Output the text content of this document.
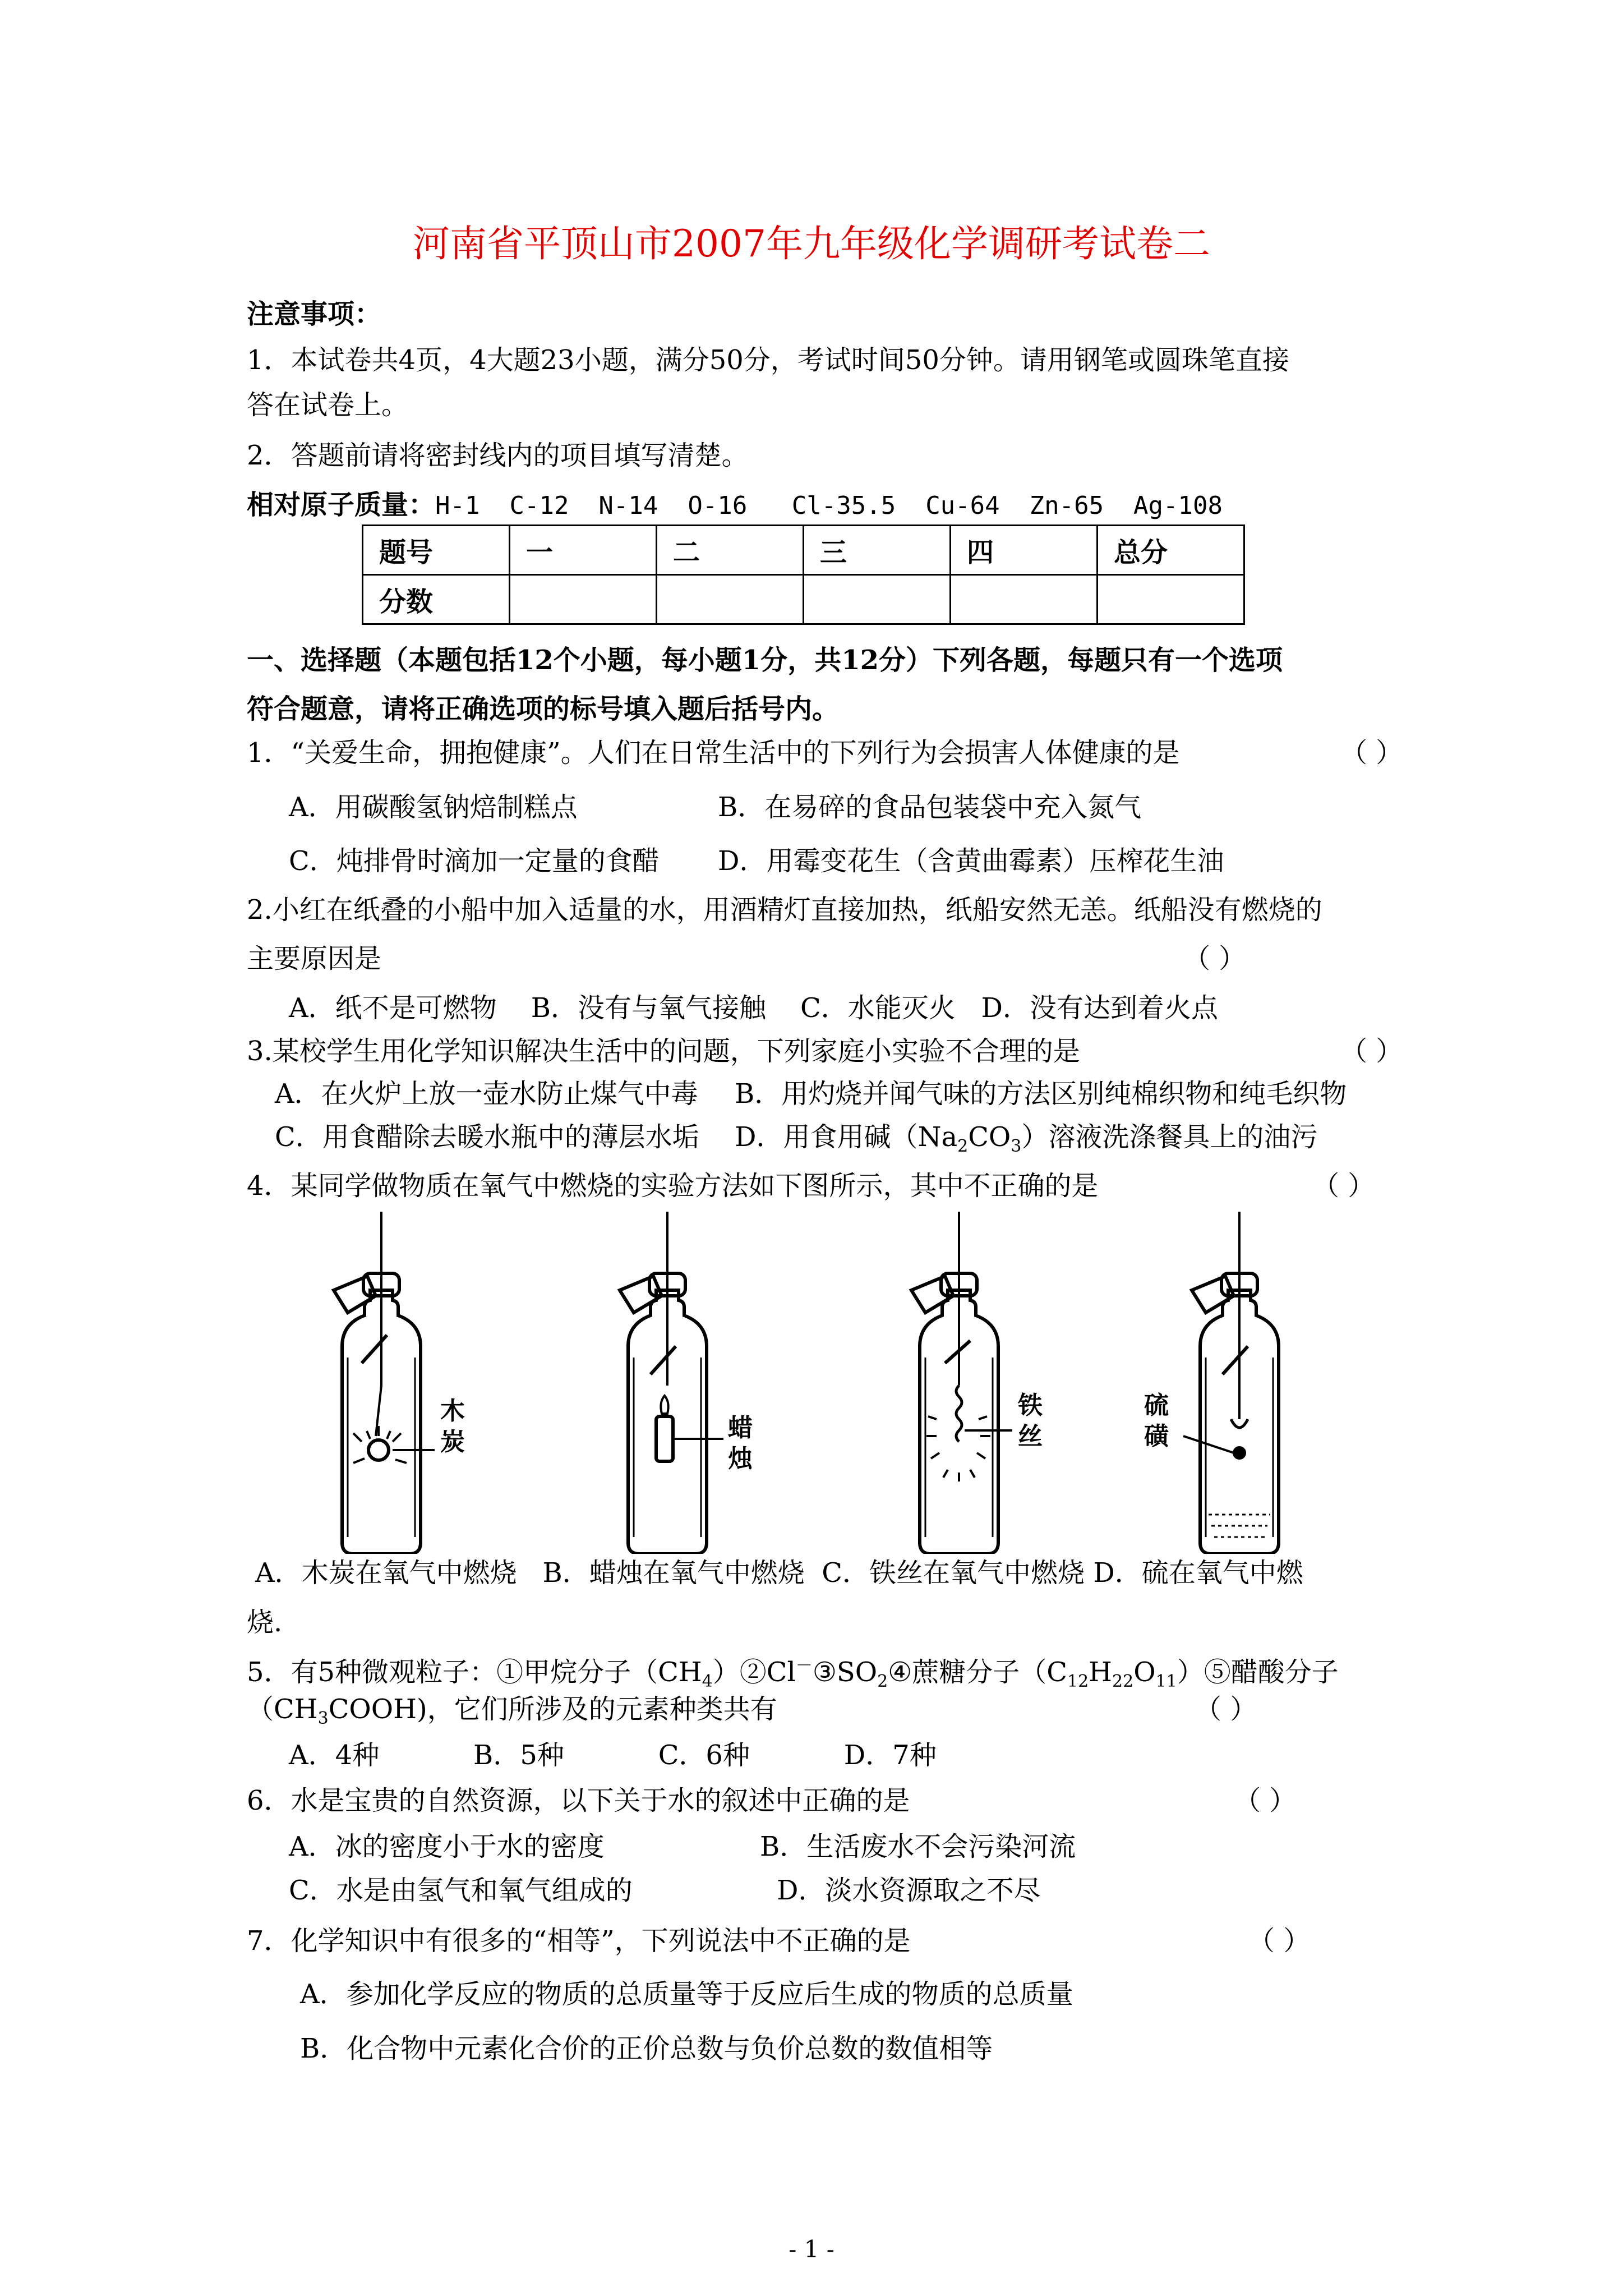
河南省平顶山市2007年九年级化学调研考试卷二
注意事项：
1．本试卷共4页，4大题23小题，满分50分，考试时间50分钟。请用钢笔或圆珠笔直接
答在试卷上。
2．答题前请将密封线内的项目填写清楚。
相对原子质量：H-1  C-12  N-14  O-16   Cl-35.5  Cu-64  Zn-65  Ag-108
题号	一	二	三	四	总分
分数					
一、选择题（本题包括12个小题，每小题1分，共12分）下列各题，每题只有一个选项
符合题意，请将正确选项的标号填入题后括号内。
1．“关爱生命，拥抱健康”。人们在日常生活中的下列行为会损害人体健康的是	（ ）
A．用碳酸氢钠焙制糕点	B．在易碎的食品包装袋中充入氮气
C．炖排骨时滴加一定量的食醋 D．用霉变花生（含黄曲霉素）压榨花生油
2.小红在纸叠的小船中加入适量的水，用酒精灯直接加热，纸船安然无恙。纸船没有燃烧的
主要原因是	（ ）
A．纸不是可燃物    B．没有与氧气接触    C．水能灭火   D．没有达到着火点
3.某校学生用化学知识解决生活中的问题，下列家庭小实验不合理的是	（ ）
A．在火炉上放一壶水防止煤气中毒 B．用灼烧并闻气味的方法区别纯棉织物和纯毛织物
C．用食醋除去暖水瓶中的薄层水垢 D．用食用碱$(Na_2CO_3)$溶液洗涤餐具上的油污
4．某同学做物质在氧气中燃烧的实验方法如下图所示，其中不正确的是	（ ）
木
炭	蜡
烛
铁
丝
硫
磺
A．木炭在氧气中燃烧   B．蜡烛在氧气中燃烧  C．铁丝在氧气中燃烧 D．硫在氧气中燃
烧.
5．有5种微观粒子：①甲烷分子$(CH_4)②Cl^-③SO_2④$蔗糖分子$(C_{12}H_{22}O_{11})⑤$醋酸分子
$(CH_3COOH)$，它们所涉及的元素种类共有	（ ）
A．4种           B．5种           C．6种           D．7种
6．水是宝贵的自然资源，以下关于水的叙述中正确的是	（ ）
A．冰的密度小于水的密度	B．生活废水不会污染河流
C．水是由氢气和氧气组成的	D．淡水资源取之不尽
7．化学知识中有很多的“相等”，下列说法中不正确的是	（ ）
A．参加化学反应的物质的总质量等于反应后生成的物质的总质量
B．化合物中元素化合价的正价总数与负价总数的数值相等
- 1 -
